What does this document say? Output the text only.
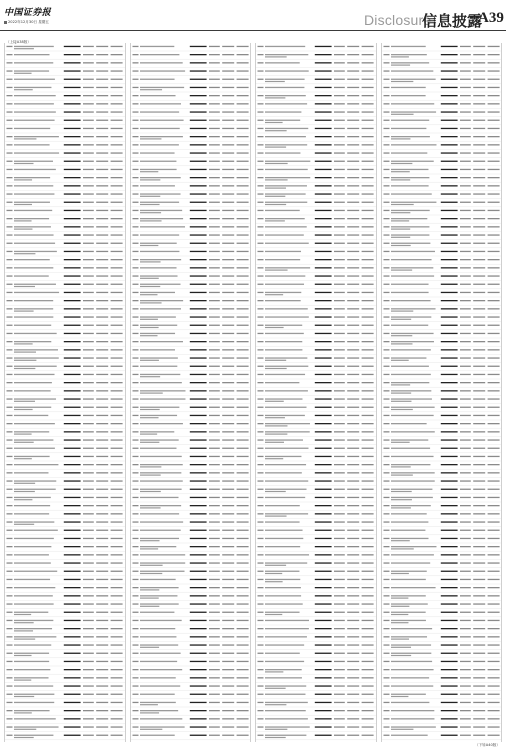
中国证券报
2022年12月30日 星期五	Disclosure
信息披露
A39
（上接A38版）
（下转A40版）
